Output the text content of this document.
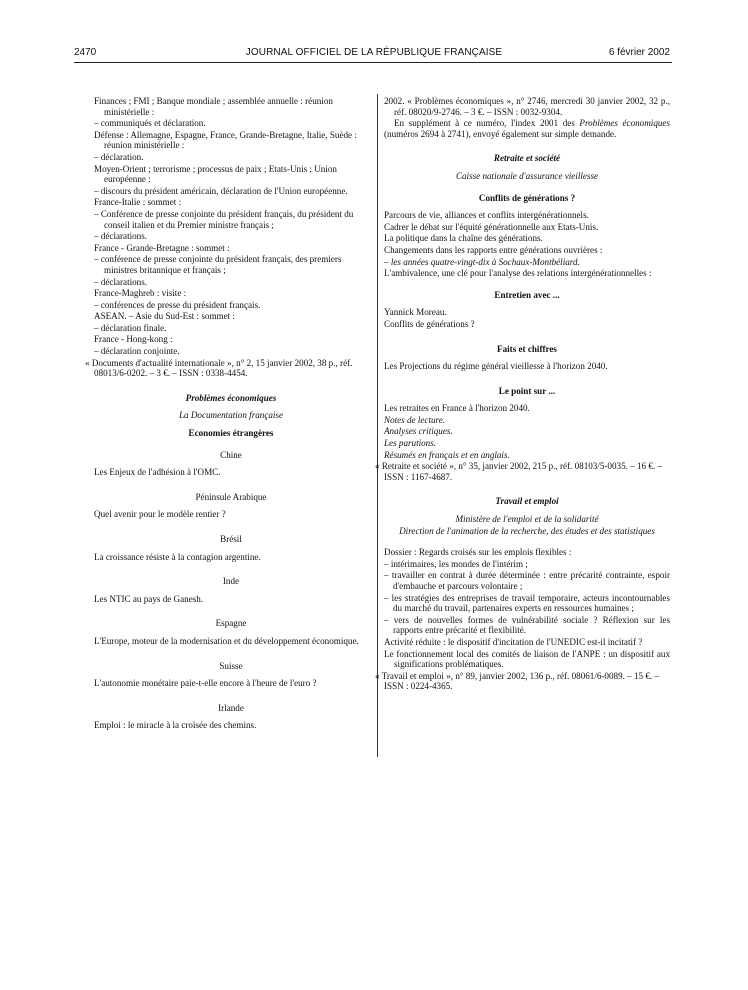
2470	JOURNAL OFFICIEL DE LA RÉPUBLIQUE FRANÇAISE	6 février 2002
Finances ; FMI ; Banque mondiale ; assemblée annuelle : réunion ministérielle :
– communiqués et déclaration.
Défense : Allemagne, Espagne, France, Grande-Bretagne, Italie, Suède : réunion ministérielle :
– déclaration.
Moyen-Orient ; terrorisme ; processus de paix ; Etats-Unis ; Union européenne :
– discours du président américain, déclaration de l'Union européenne.
France-Italie : sommet :
– Conférence de presse conjointe du président français, du président du conseil italien et du Premier ministre français ;
– déclarations.
France - Grande-Bretagne : sommet :
– conférence de presse conjointe du président français, des premiers ministres britannique et français ;
– déclarations.
France-Maghreb : visite :
– conférences de presse du président français.
ASEAN. – Asie du Sud-Est : sommet :
– déclaration finale.
France - Hong-kong :
– déclaration conjointe.
« Documents d'actualité internationale », n° 2, 15 janvier 2002, 38 p., réf. 08013/6-0202. – 3 €. – ISSN : 0338-4454.
Problèmes économiques
La Documentation française
Economies étrangères
Chine
Les Enjeux de l'adhésion à l'OMC.
Péninsule Arabique
Quel avenir pour le modèle rentier ?
Brésil
La croissance résiste à la contagion argentine.
Inde
Les NTIC au pays de Ganesh.
Espagne
L'Europe, moteur de la modernisation et du développement économique.
Suisse
L'autonomie monétaire paie-t-elle encore à l'heure de l'euro ?
Irlande
Emploi : le miracle à la croisée des chemins.
2002. « Problèmes économiques », n° 2746, mercredi 30 janvier 2002, 32 p., réf. 08020/9-2746. – 3 €. – ISSN : 0032-9304.
En supplément à ce numéro, l'index 2001 des Problèmes économiques (numéros 2694 à 2741), envoyé également sur simple demande.
Retraite et société
Caisse nationale d'assurance vieillesse
Conflits de générations ?
Parcours de vie, alliances et conflits intergénérationnels.
Cadrer le débat sur l'équité générationnelle aux Etats-Unis.
La politique dans la chaîne des générations.
Changements dans les rapports entre générations ouvrières :
– les années quatre-vingt-dix à Sochaux-Montbéliard.
L'ambivalence, une clé pour l'analyse des relations intergénérationnelles :
Entretien avec ...
Yannick Moreau.
Conflits de générations ?
Faits et chiffres
Les Projections du régime général vieillesse à l'horizon 2040.
Le point sur ...
Les retraites en France à l'horizon 2040.
Notes de lecture.
Analyses critiques.
Les parutions.
Résumés en français et en anglais.
« Retraite et société », n° 35, janvier 2002, 215 p., réf. 08103/5-0035. – 16 €. – ISSN : 1167-4687.
Travail et emploi
Ministère de l'emploi et de la solidarité
Direction de l'animation de la recherche, des études et des statistiques
Dossier : Regards croisés sur les emplois flexibles :
– intérimaires, les mondes de l'intérim ;
– travailler en contrat à durée déterminée : entre précarité contrainte, espoir d'embauche et parcours volontaire ;
– les stratégies des entreprises de travail temporaire, acteurs incontournables du marché du travail, partenaires experts en ressources humaines ;
– vers de nouvelles formes de vulnérabilité sociale ? Réflexion sur les rapports entre précarité et flexibilité.
Activité réduite : le dispositif d'incitation de l'UNEDIC est-il incitatif ?
Le fonctionnement local des comités de liaison de l'ANPE : un dispositif aux significations problématiques.
« Travail et emploi », n° 89, janvier 2002, 136 p., réf. 08061/6-0089. – 15 €. – ISSN : 0224-4365.
